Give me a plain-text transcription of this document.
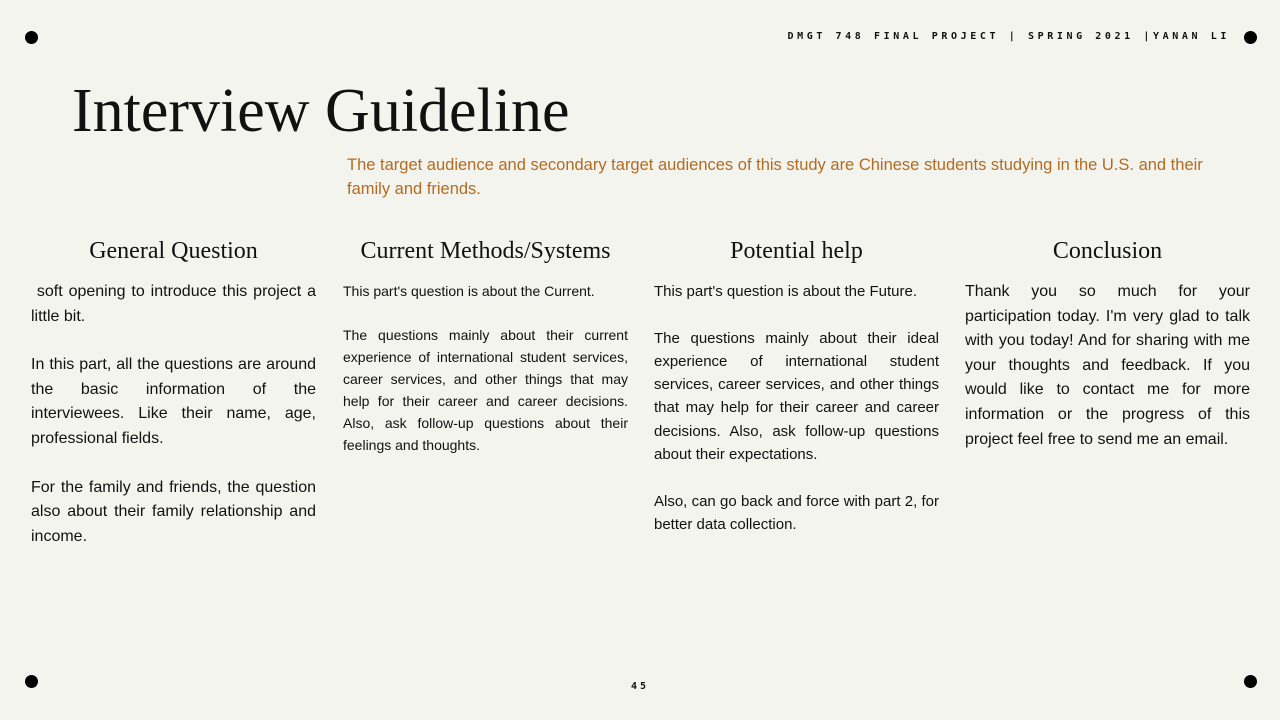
DMGT 748 FINAL PROJECT | SPRING 2021 |YANAN LI
Interview Guideline

The target audience and secondary target audiences of this study are Chinese students studying in the U.S. and their family and friends.

General Question

soft opening to introduce this project a little bit.

In this part, all the questions are around the basic information of the interviewees. Like their name, age, professional fields.

For the family and friends, the question also about their family relationship and income.

Current Methods/Systems

This part's question is about the Current.

The questions mainly about their current experience of international student services, career services, and other things that may help for their career and career decisions. Also, ask follow-up questions about their feelings and thoughts.

Potential help

This part's question is about the Future.

The questions mainly about their ideal experience of international student services, career services, and other things that may help for their career and career decisions. Also, ask follow-up questions about their expectations.

Also, can go back and force with part 2, for better data collection.

Conclusion

Thank you so much for your participation today. I'm very glad to talk with you today! And for sharing with me your thoughts and feedback. If you would like to contact me for more information or the progress of this project feel free to send me an email.

45
